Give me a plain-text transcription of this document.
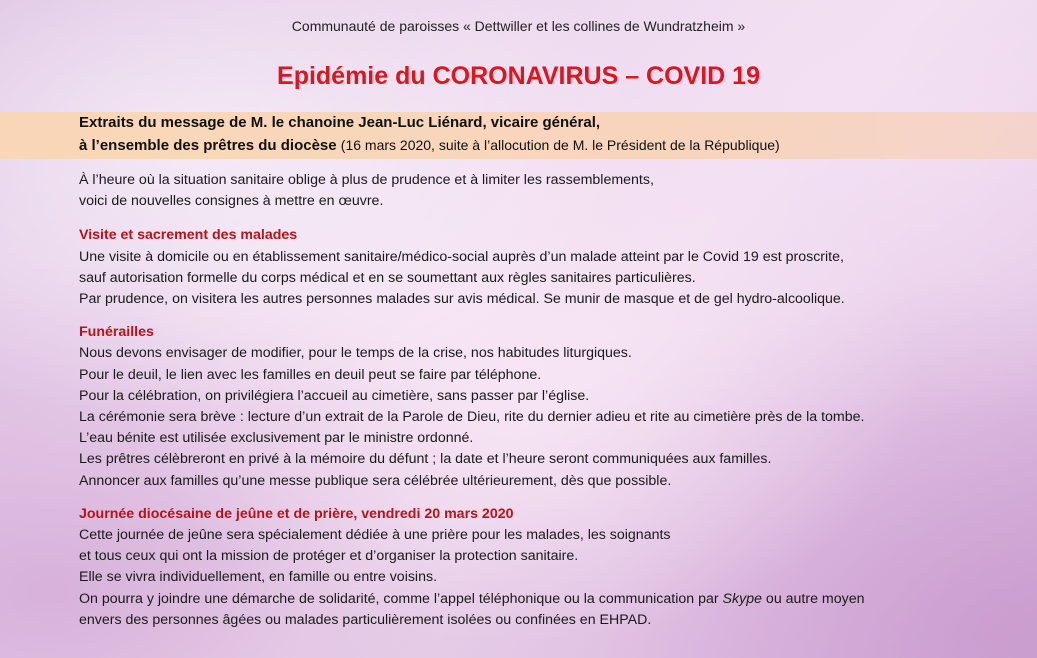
Communauté de paroisses « Dettwiller et les collines de Wundratzheim »
Epidémie du CORONAVIRUS – COVID 19
Extraits du message de M. le chanoine Jean-Luc Liénard, vicaire général,
à l’ensemble des prêtres du diocèse (16 mars 2020, suite à l’allocution de M. le Président de la République)
À l’heure où la situation sanitaire oblige à plus de prudence et à limiter les rassemblements,
voici de nouvelles consignes à mettre en œuvre.
Visite et sacrement des malades
Une visite à domicile ou en établissement sanitaire/médico-social auprès d’un malade atteint par le Covid 19 est proscrite,
sauf autorisation formelle du corps médical et en se soumettant aux règles sanitaires particulières.
Par prudence, on visitera les autres personnes malades sur avis médical. Se munir de masque et de gel hydro-alcoolique.
Funérailles
Nous devons envisager de modifier, pour le temps de la crise, nos habitudes liturgiques.
Pour le deuil, le lien avec les familles en deuil peut se faire par téléphone.
Pour la célébration, on privilégiera l’accueil au cimetière, sans passer par l’église.
La cérémonie sera brève : lecture d’un extrait de la Parole de Dieu, rite du dernier adieu et rite au cimetière près de la tombe.
L’eau bénite est utilisée exclusivement par le ministre ordonné.
Les prêtres célèbreront en privé à la mémoire du défunt ; la date et l’heure seront communiquées aux familles.
Annoncer aux familles qu’une messe publique sera célébrée ultérieurement, dès que possible.
Journée diocésaine de jeûne et de prière, vendredi 20 mars 2020
Cette journée de jeûne sera spécialement dédiée à une prière pour les malades, les soignants
et tous ceux qui ont la mission de protéger et d’organiser la protection sanitaire.
Elle se vivra individuellement, en famille ou entre voisins.
On pourra y joindre une démarche de solidarité, comme l’appel téléphonique ou la communication par Skype ou autre moyen
envers des personnes âgées ou malades particulièrement isolées ou confinées en EHPAD.
